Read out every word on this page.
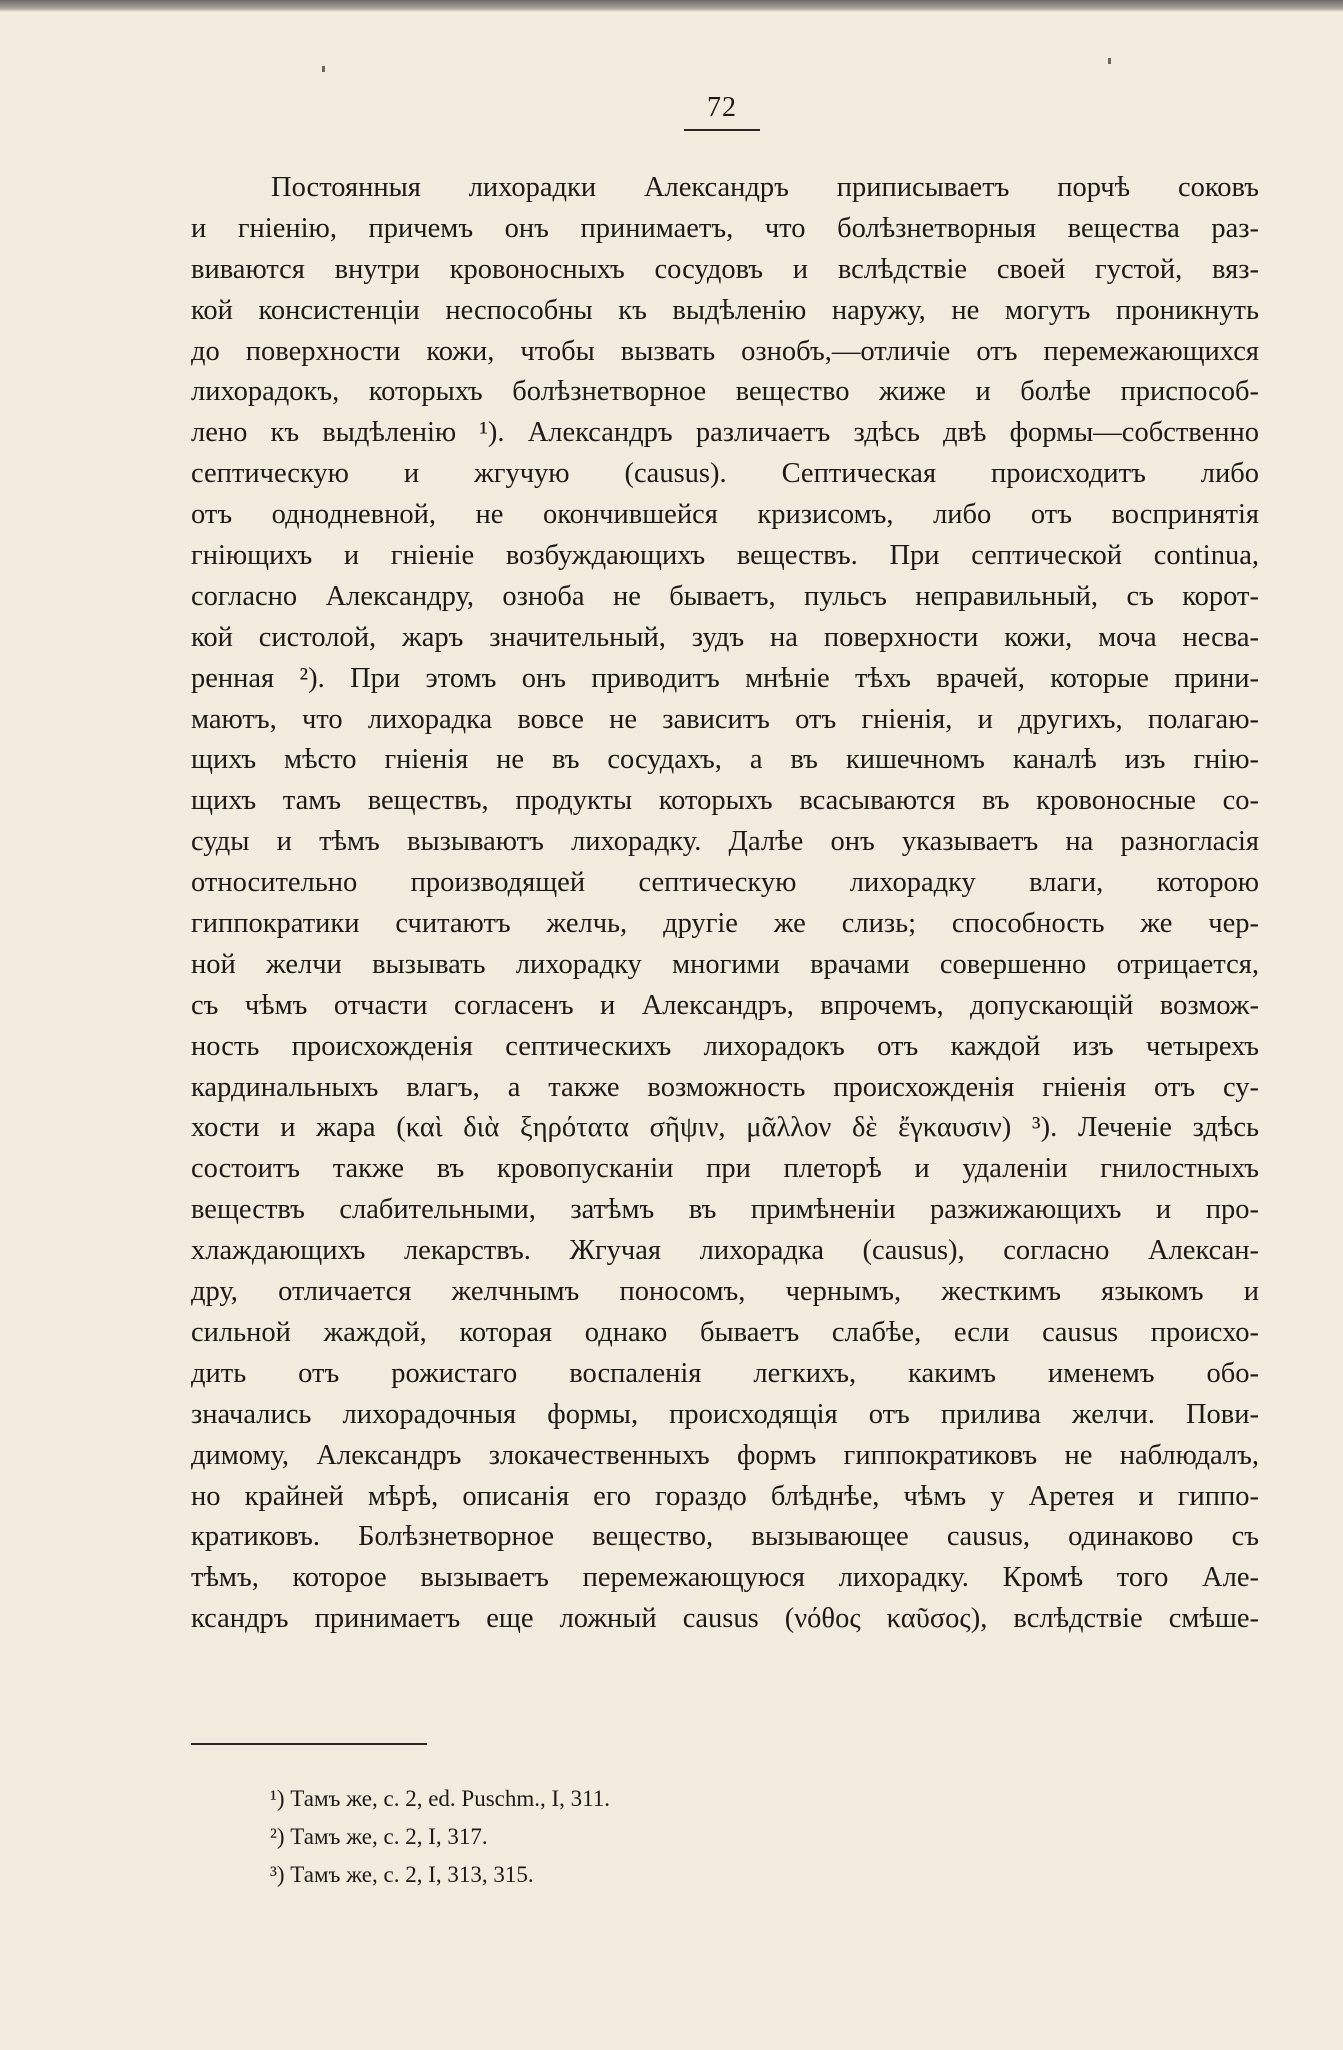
72
Постоянныя лихорадки Александръ приписываетъ порчѣ соковъ
и гніенію, причемъ онъ принимаетъ, что болѣзнетворныя вещества раз-
виваются внутри кровоносныхъ сосудовъ и вслѣдствіе своей густой, вяз-
кой консистенціи неспособны къ выдѣленію наружу, не могутъ проникнуть
до поверхности кожи, чтобы вызвать ознобъ,—отличіе отъ перемежающихся
лихорадокъ, которыхъ болѣзнетворное вещество жиже и болѣе приспособ-
лено къ выдѣленію ¹). Александръ различаетъ здѣсь двѣ формы—собственно
септическую и жгучую (causus). Септическая происходитъ либо
отъ однодневной, не окончившейся кризисомъ, либо отъ воспринятія
гніющихъ и гніеніе возбуждающихъ веществъ. При септической continua,
согласно Александру, озноба не бываетъ, пульсъ неправильный, съ корот-
кой систолой, жаръ значительный, зудъ на поверхности кожи, моча несва-
ренная ²). При этомъ онъ приводитъ мнѣніе тѣхъ врачей, которые прини-
маютъ, что лихорадка вовсе не зависитъ отъ гніенія, и другихъ, полагаю-
щихъ мѣсто гніенія не въ сосудахъ, а въ кишечномъ каналѣ изъ гнію-
щихъ тамъ веществъ, продукты которыхъ всасываются въ кровоносные со-
суды и тѣмъ вызываютъ лихорадку. Далѣе онъ указываетъ на разногласія
относительно производящей септическую лихорадку влаги, которою
гиппократики считаютъ желчь, другіе же слизь; способность же чер-
ной желчи вызывать лихорадку многими врачами совершенно отрицается,
съ чѣмъ отчасти согласенъ и Александръ, впрочемъ, допускающій возмож-
ность происхожденія септическихъ лихорадокъ отъ каждой изъ четырехъ
кардинальныхъ влагъ, а также возможность происхожденія гніенія отъ су-
хости и жара (καὶ διὰ ξηρότατα σῆψιν, μᾶλλον δὲ ἔγκαυσιν) ³). Леченіе здѣсь
состоитъ также въ кровопусканіи при плеторѣ и удаленіи гнилостныхъ
веществъ слабительными, затѣмъ въ примѣненіи разжижающихъ и про-
хлаждающихъ лекарствъ. Жгучая лихорадка (causus), согласно Алексан-
дру, отличается желчнымъ поносомъ, чернымъ, жесткимъ языкомъ и
сильной жаждой, которая однако бываетъ слабѣе, если causus происхо-
дить отъ рожистаго воспаленія легкихъ, какимъ именемъ обо-
значались лихорадочныя формы, происходящія отъ прилива желчи. Пови-
димому, Александръ злокачественныхъ формъ гиппократиковъ не наблюдалъ,
но крайней мѣрѣ, описанія его гораздо блѣднѣе, чѣмъ у Аретея и гиппо-
кратиковъ. Болѣзнетворное вещество, вызывающее causus, одинаково съ
тѣмъ, которое вызываетъ перемежающуюся лихорадку. Кромѣ того Але-
ксандръ принимаетъ еще ложный causus (νόθος καῦσος), вслѣдствіе смѣше-
¹) Тамъ же, с. 2, ed. Puschm., I, 311.
²) Тамъ же, с. 2, I, 317.
³) Тамъ же, с. 2, I, 313, 315.
